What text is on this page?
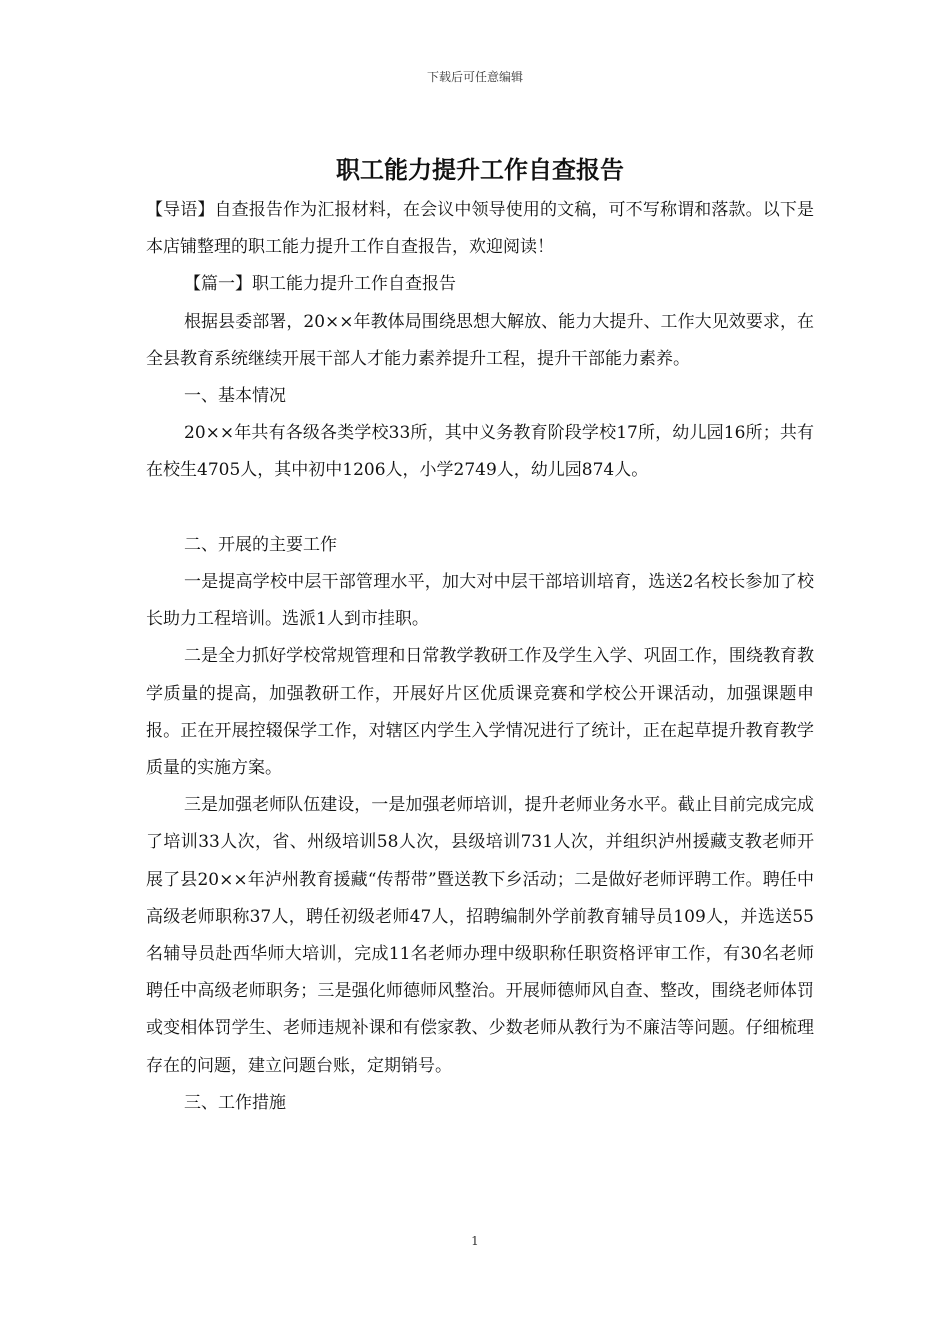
下载后可任意编辑
职工能力提升工作自查报告

【导语】自查报告作为汇报材料，在会议中领导使用的文稿，可不写称谓和落款。以下是本店铺整理的职工能力提升工作自查报告，欢迎阅读！

【篇一】职工能力提升工作自查报告

根据县委部署，20××年教体局围绕思想大解放、能力大提升、工作大见效要求，在全县教育系统继续开展干部人才能力素养提升工程，提升干部能力素养。

一、基本情况

20××年共有各级各类学校33所，其中义务教育阶段学校17所，幼儿园16所；共有在校生4705人，其中初中1206人，小学2749人，幼儿园874人。

二、开展的主要工作

一是提高学校中层干部管理水平，加大对中层干部培训培育，选送2名校长参加了校长助力工程培训。选派1人到市挂职。

二是全力抓好学校常规管理和日常教学教研工作及学生入学、巩固工作，围绕教育教学质量的提高，加强教研工作，开展好片区优质课竞赛和学校公开课活动，加强课题申报。正在开展控辍保学工作，对辖区内学生入学情况进行了统计，正在起草提升教育教学质量的实施方案。

三是加强老师队伍建设，一是加强老师培训，提升老师业务水平。截止目前完成完成了培训33人次，省、州级培训58人次，县级培训731人次，并组织泸州援藏支教老师开展了县20××年泸州教育援藏“传帮带”暨送教下乡活动；二是做好老师评聘工作。聘任中高级老师职称37人，聘任初级老师47人，招聘编制外学前教育辅导员109人，并选送55名辅导员赴西华师大培训，完成11名老师办理中级职称任职资格评审工作，有30名老师聘任中高级老师职务；三是强化师德师风整治。开展师德师风自查、整改，围绕老师体罚或变相体罚学生、老师违规补课和有偿家教、少数老师从教行为不廉洁等问题。仔细梳理存在的问题，建立问题台账，定期销号。

三、工作措施

1
